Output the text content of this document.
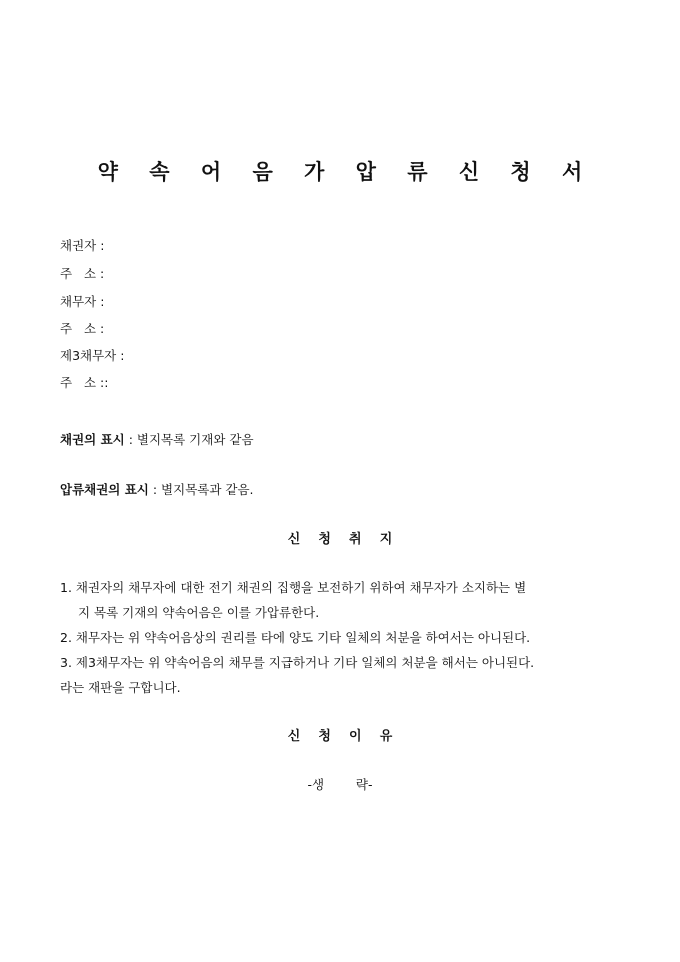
약 속 어 음 가 압 류 신 청 서
채권자 :
주   소 :
채무자 :
주   소 :
제3채무자 :
주   소 ::
채권의 표시 : 별지목록 기재와 같음
압류채권의 표시 : 별지목록과 같음.
신    청    취    지
1. 채권자의 채무자에 대한 전기 채권의 집행을 보전하기 위하여 채무자가 소지하는 별
지 목록 기재의 약속어음은 이를 가압류한다.
2. 채무자는 위 약속어음상의 권리를 타에 양도 기타 일체의 처분을 하여서는 아니된다.
3. 제3채무자는 위 약속어음의 채무를 지급하거나 기타 일체의 처분을 해서는 아니된다.
라는 재판을 구합니다.
신    청    이    유
-생        략-
